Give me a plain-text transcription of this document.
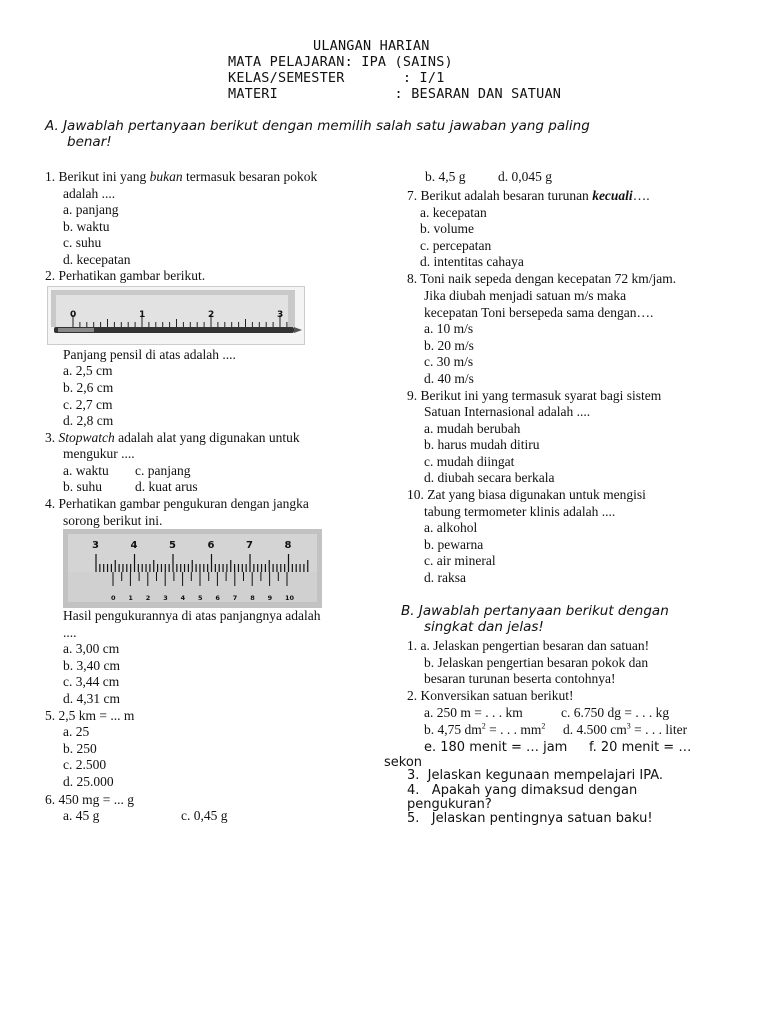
ULANGAN HARIAN
MATA PELAJARAN: IPA (SAINS)
KELAS/SEMESTER       : I/1
MATERI              : BESARAN DAN SATUAN
A. Jawablah pertanyaan berikut dengan memilih salah satu jawaban yang paling
benar!
1. Berikut ini yang bukan termasuk besaran pokok
adalah ....
a. panjang
b. waktu
c. suhu
d. kecepatan
2. Perhatikan gambar berikut.
0	1	2	3
Panjang pensil di atas adalah ....
a. 2,5 cm
b. 2,6 cm
c. 2,7 cm
d. 2,8 cm
3. Stopwatch adalah alat yang digunakan untuk
mengukur ....
a. waktu c. panjang
b. suhu d. kuat arus
4. Perhatikan gambar pengukuran dengan jangka
sorong berikut ini.
3	4	5	6	7	8
0 1 2 3 4 5 6 7 8 9 10
Hasil pengukurannya di atas panjangnya adalah
....
a. 3,00 cm
b. 3,40 cm
c. 3,44 cm
d. 4,31 cm
5. 2,5 km = ... m
a. 25
b. 250
c. 2.500
d. 25.000
6. 450 mg = ... g
a. 45 g	c. 0,45 g
b. 4,5 g d. 0,045 g
7. Berikut adalah besaran turunan kecuali….
a. kecepatan
b. volume
c. percepatan
d. intentitas cahaya
8. Toni naik sepeda dengan kecepatan 72 km/jam.
Jika diubah menjadi satuan m/s maka
kecepatan Toni bersepeda sama dengan….
a. 10 m/s
b. 20 m/s
c. 30 m/s
d. 40 m/s
9. Berikut ini yang termasuk syarat bagi sistem
Satuan Internasional adalah ....
a. mudah berubah
b. harus mudah ditiru
c. mudah diingat
d. diubah secara berkala
10. Zat yang biasa digunakan untuk mengisi
tabung termometer klinis adalah ....
a. alkohol
b. pewarna
c. air mineral
d. raksa
B. Jawablah pertanyaan berikut dengan
singkat dan jelas!
1. a. Jelaskan pengertian besaran dan satuan!
b. Jelaskan pengertian besaran pokok dan
besaran turunan beserta contohnya!
2. Konversikan satuan berikut!
a. 250 m = . . . km	c. 6.750 dg = . . . kg
b. 4,75 $dm^2$ = . . . $mm^2$ d. 4.500 $cm^3$ = . . . liter
e. 180 menit = … jam f. 20 menit = …
sekon
3.  Jelaskan kegunaan mempelajari IPA.
4.   Apakah yang dimaksud dengan
pengukuran?
5.   Jelaskan pentingnya satuan baku!
